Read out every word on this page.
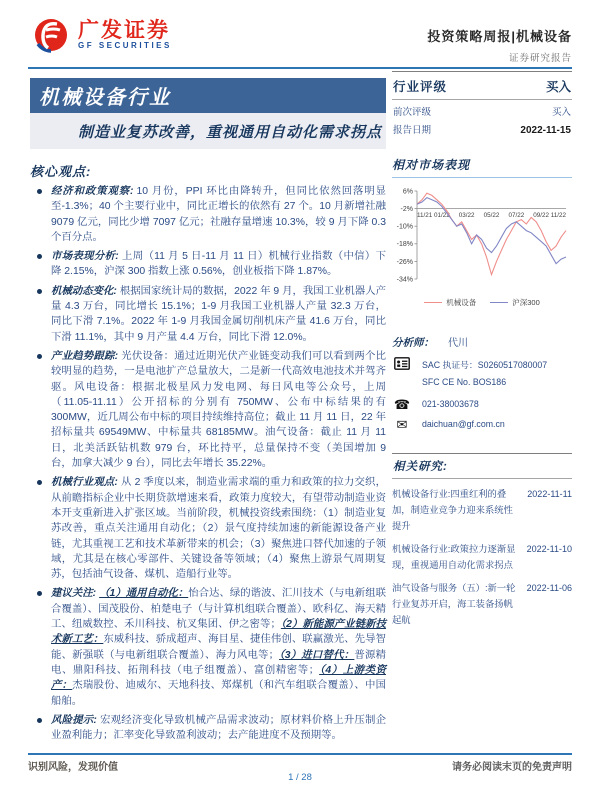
广发证券
GF SECURITIES
投资策略周报|机械设备
证券研究报告
机械设备行业
制造业复苏改善，重视通用自动化需求拐点
核心观点:
经济和政策观察: 10 月份，PPI 环比由降转升，但同比依然回落明显至-1.3%；40 个主要行业中，同比正增长的依然有 27 个。10 月新增社融 9079 亿元，同比少增 7097 亿元；社融存量增速 10.3%，较 9 月下降 0.3 个百分点。
市场表现分析: 上周（11 月 5 日-11 月 11 日）机械行业指数（中信）下降 2.15%，沪深 300 指数上涨 0.56%，创业板指下降 1.87%。
机械动态变化: 根据国家统计局的数据，2022 年 9 月，我国工业机器人产量 4.3 万台，同比增长 15.1%；1-9 月我国工业机器人产量 32.3 万台，同比下滑 7.1%。2022 年 1-9 月我国金属切削机床产量 41.6 万台，同比下滑 11.1%，其中 9 月产量 4.4 万台，同比下滑 12.0%。
产业趋势跟踪: 光伏设备：通过近期光伏产业链变动我们可以看到两个比较明显的趋势，一是电池扩产总量放大，二是新一代高效电池技术并驾齐驱。风电设备：根据北极星风力发电网、每日风电等公众号，上周（11.05-11.11）公开招标的分别有 750MW、公布中标结果的有 300MW，近几周公布中标的项目持续维持高位；截止 11 月 11 日，22 年招标量共 69549MW、中标量共 68185MW。油气设备：截止 11 月 11 日，北美活跃钻机数 979 台，环比持平，总量保持不变（美国增加 9 台，加拿大减少 9 台），同比去年增长 35.22%。
机械行业观点: 从 2 季度以来，制造业需求端的重力和政策的拉力交织，从前瞻指标企业中长期贷款增速来看，政策力度较大，有望带动制造业资本开支重新进入扩张区域。当前阶段，机械投资线索围绕：（1）制造业复苏改善，重点关注通用自动化；（2）景气度持续加速的新能源设备产业链，尤其重视工艺和技术革新带来的机会；（3）聚焦进口替代加速的子领域，尤其是在核心零部件、关键设备等领域；（4）聚焦上游景气周期复苏，包括油气设备、煤机、造船行业等。
建议关注: （1）通用自动化：怡合达、绿的谐波、汇川技术（与电新组联合覆盖）、国茂股份、柏楚电子（与计算机组联合覆盖）、欧科亿、海天精工、纽威数控、禾川科技、杭叉集团、伊之密等；（2）新能源产业链新技术新工艺：东威科技、骄成超声、海目星、捷佳伟创、联赢激光、先导智能、新强联（与电新组联合覆盖）、海力风电等；（3）进口替代：普源精电、鼎阳科技、拓荆科技（电子组覆盖）、富创精密等；（4）上游类资产：杰瑞股份、迪威尔、天地科技、郑煤机（和汽车组联合覆盖）、中国船舶。
风险提示: 宏观经济变化导致机械产品需求波动；原材料价格上升压制企业盈利能力；汇率变化导致盈利波动；去产能进度不及预期等。
行业评级	买入
前次评级	买入
报告日期	2022-11-15
相对市场表现
6%
-2%
-10%
-18%
-26%
-34%
11/21 01/22 03/22 05/22 07/22 09/22 11/22
机械设备	沪深300
分析师： 代川
SAC 执证号：S0260517080007
SFC CE No. BOS186
☎ 021-38003678
✉	daichuan@gf.com.cn
相关研究:
机械设备行业:四重红利的叠加，制造业竞争力迎来系统性提升
2022-11-11
机械设备行业:政策拉力逐渐显现，重视通用自动化需求拐点
2022-11-10
油气设备与服务（五）:新一轮行业复苏开启，海工装备扬帆起航
2022-11-06
识别风险，发现价值	请务必阅读末页的免责声明
1 / 28
